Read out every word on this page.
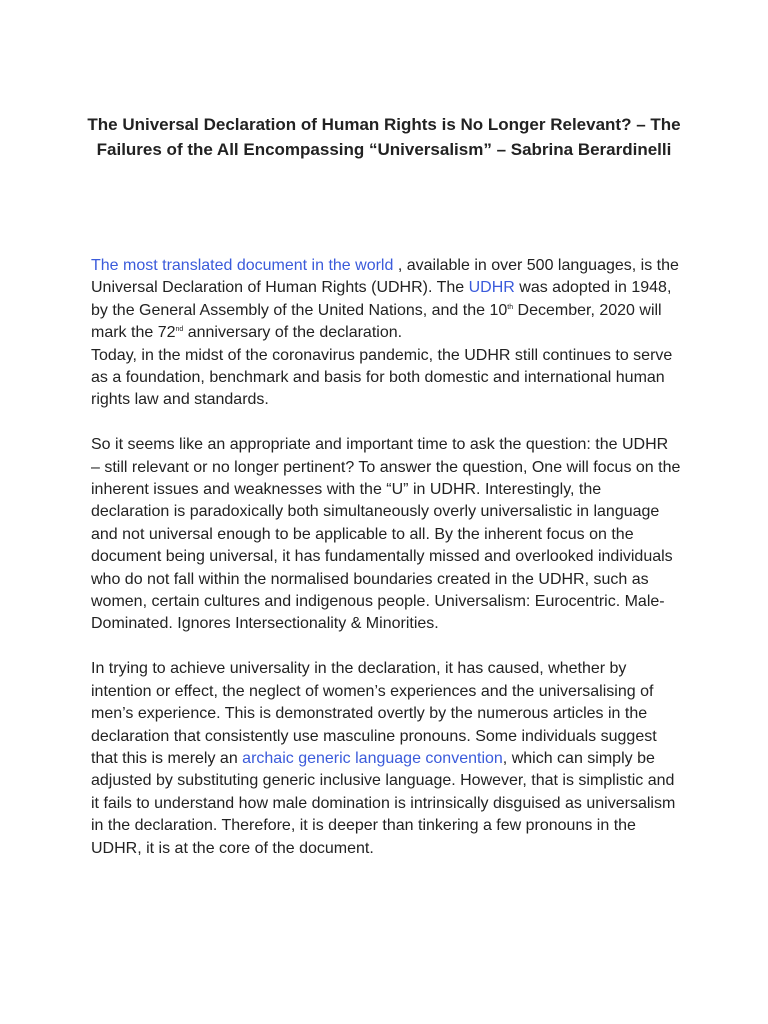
The Universal Declaration of Human Rights is No Longer Relevant? – The Failures of the All Encompassing “Universalism” – Sabrina Berardinelli

The most translated document in the world , available in over 500 languages, is the Universal Declaration of Human Rights (UDHR). The UDHR was adopted in 1948, by the General Assembly of the United Nations, and the 10th December, 2020 will mark the 72nd anniversary of the declaration.

Today, in the midst of the coronavirus pandemic, the UDHR still continues to serve as a foundation, benchmark and basis for both domestic and international human rights law and standards.

So it seems like an appropriate and important time to ask the question: the UDHR – still relevant or no longer pertinent? To answer the question, One will focus on the inherent issues and weaknesses with the “U” in UDHR. Interestingly, the declaration is paradoxically both simultaneously overly universalistic in language and not universal enough to be applicable to all. By the inherent focus on the document being universal, it has fundamentally missed and overlooked individuals who do not fall within the normalised boundaries created in the UDHR, such as women, certain cultures and indigenous people. Universalism: Eurocentric. Male-Dominated. Ignores Intersectionality & Minorities.

In trying to achieve universality in the declaration, it has caused, whether by intention or effect, the neglect of women’s experiences and the universalising of men’s experience. This is demonstrated overtly by the numerous articles in the declaration that consistently use masculine pronouns. Some individuals suggest that this is merely an archaic generic language convention, which can simply be adjusted by substituting generic inclusive language. However, that is simplistic and it fails to understand how male domination is intrinsically disguised as universalism in the declaration. Therefore, it is deeper than tinkering a few pronouns in the UDHR, it is at the core of the document.
